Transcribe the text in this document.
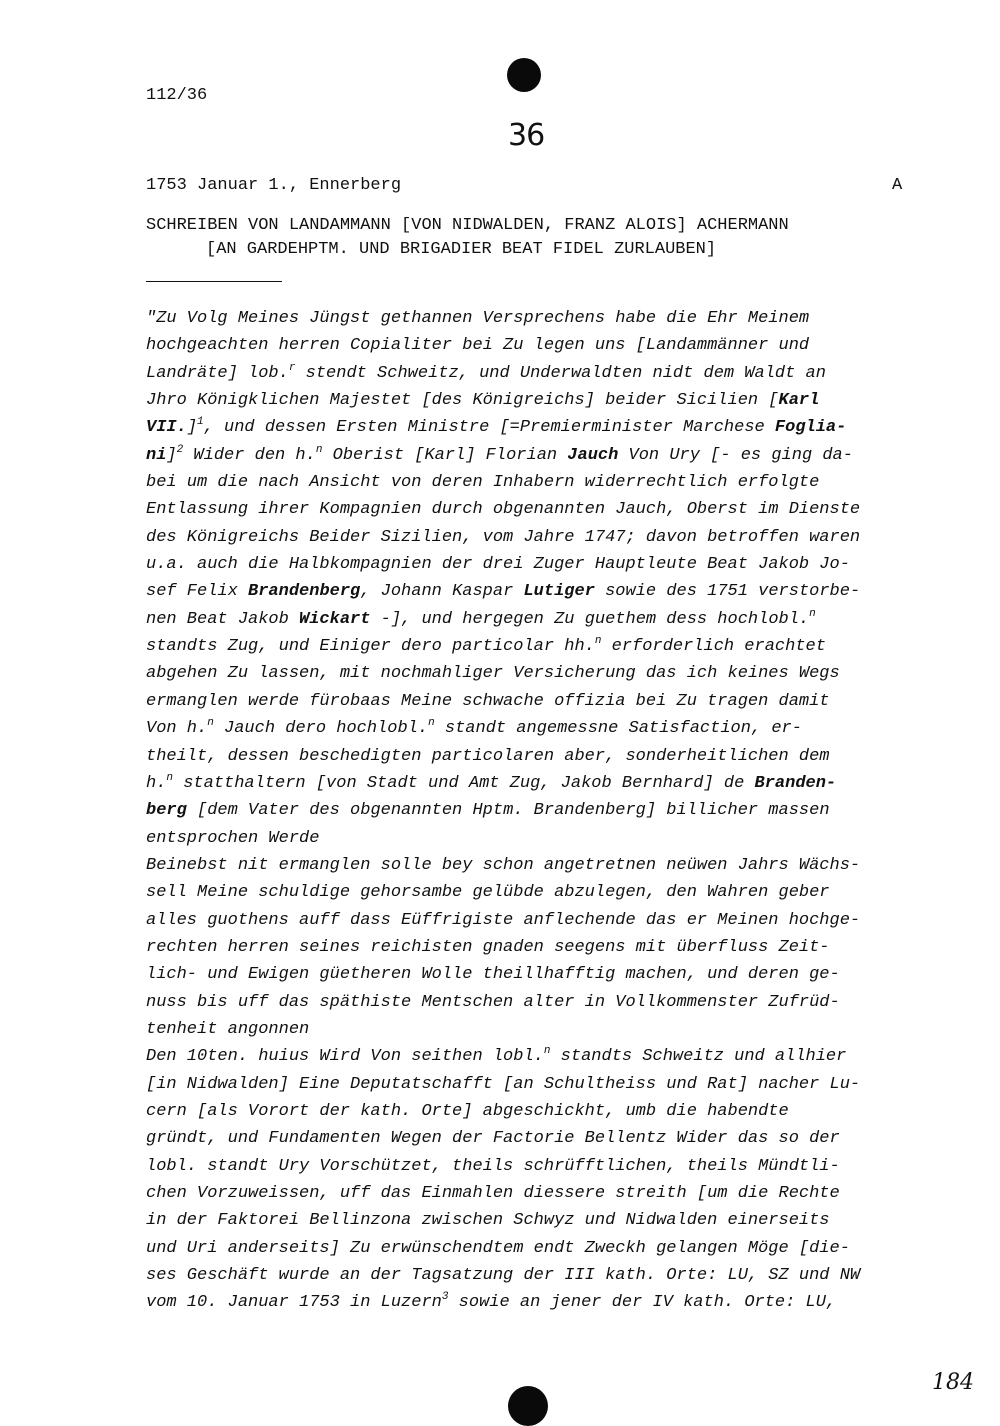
112/36
36
1753 Januar 1., Ennerberg	A
SCHREIBEN VON LANDAMMANN [VON NIDWALDEN, FRANZ ALOIS] ACHERMANN
[AN GARDEHPTM. UND BRIGADIER BEAT FIDEL ZURLAUBEN]
"Zu Volg Meines Jüngst gethannen Versprechens habe die Ehr Meinem
hochgeachten herren Copialiter bei Zu legen uns [Landammänner und
Landräte] lob.$^r$ stendt Schweitz, und Underwaldten nidt dem Waldt an
Jhro Königklichen Majestet [des Königreichs] beider Sicilien [Karl
VII.]$^1$, und dessen Ersten Ministre [=Premierminister Marchese Foglia-
ni]$^2$ Wider den h.$^n$ Oberist [Karl] Florian Jauch Von Ury [- es ging da-
bei um die nach Ansicht von deren Inhabern widerrechtlich erfolgte
Entlassung ihrer Kompagnien durch obgenannten Jauch, Oberst im Dienste
des Königreichs Beider Sizilien, vom Jahre 1747; davon betroffen waren
u.a. auch die Halbkompagnien der drei Zuger Hauptleute Beat Jakob Jo-
sef Felix Brandenberg, Johann Kaspar Lutiger sowie des 1751 verstorbe-
nen Beat Jakob Wickart -], und hergegen Zu guethem dess hochlobl.$^n$
standts Zug, und Einiger dero particolar hh.$^n$ erforderlich erachtet
abgehen Zu lassen, mit nochmahliger Versicherung das ich keines Wegs
ermanglen werde fürobaas Meine schwache offizia bei Zu tragen damit
Von h.$^n$ Jauch dero hochlobl.$^n$ standt angemessne Satisfaction, er-
theilt, dessen beschedigten particolaren aber, sonderheitlichen dem
h.$^n$ statthaltern [von Stadt und Amt Zug, Jakob Bernhard] de Branden-
berg [dem Vater des obgenannten Hptm. Brandenberg] billicher massen
entsprochen Werde
Beinebst nit ermanglen solle bey schon angetretnen neüwen Jahrs Wächs-
sell Meine schuldige gehorsambe gelübde abzulegen, den Wahren geber
alles guothens auff dass Eüffrigiste anflechende das er Meinen hochge-
rechten herren seines reichisten gnaden seegens mit überfluss Zeit-
lich- und Ewigen güetheren Wolle theillhafftig machen, und deren ge-
nuss bis uff das späthiste Mentschen alter in Vollkommenster Zufrüd-
tenheit angonnen
Den 10ten. huius Wird Von seithen lobl.$^n$ standts Schweitz und allhier
[in Nidwalden] Eine Deputatschafft [an Schultheiss und Rat] nacher Lu-
cern [als Vorort der kath. Orte] abgeschickht, umb die habendte
gründt, und Fundamenten Wegen der Factorie Bellentz Wider das so der
lobl. standt Ury Vorschützet, theils schrüfftlichen, theils Mündtli-
chen Vorzuweissen, uff das Einmahlen diessere streith [um die Rechte
in der Faktorei Bellinzona zwischen Schwyz und Nidwalden einerseits
und Uri anderseits] Zu erwünschendtem endt Zweckh gelangen Möge [die-
ses Geschäft wurde an der Tagsatzung der III kath. Orte: LU, SZ und NW
vom 10. Januar 1753 in Luzern$^3$ sowie an jener der IV kath. Orte: LU,
184
